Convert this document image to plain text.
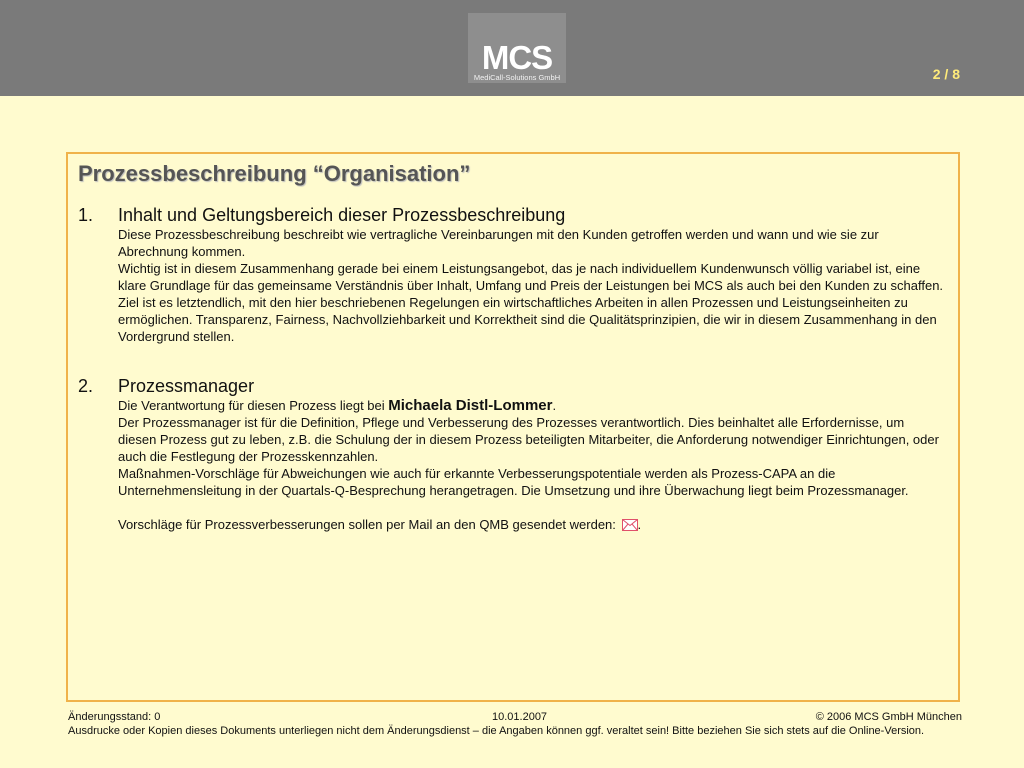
MCS
MediCall-Solutions GmbH	2 / 8
Prozessbeschreibung “Organisation”
1. Inhalt und Geltungsbereich dieser Prozessbeschreibung
Diese Prozessbeschreibung beschreibt wie vertragliche Vereinbarungen mit den Kunden getroffen werden und wann und wie sie zur Abrechnung kommen.
Wichtig ist in diesem Zusammenhang gerade bei einem Leistungsangebot, das je nach individuellem Kundenwunsch völlig variabel ist, eine klare Grundlage für das gemeinsame Verständnis über Inhalt, Umfang und Preis der Leistungen bei MCS als auch bei den Kunden zu schaffen.
Ziel ist es letztendlich, mit den hier beschriebenen Regelungen ein wirtschaftliches Arbeiten in allen Prozessen und Leistungseinheiten zu ermöglichen. Transparenz, Fairness, Nachvollziehbarkeit und Korrektheit sind die Qualitätsprinzipien, die wir in diesem Zusammenhang in den Vordergrund stellen.
2. Prozessmanager
Die Verantwortung für diesen Prozess liegt bei Michaela Distl-Lommer.
Der Prozessmanager ist für die Definition, Pflege und Verbesserung des Prozesses verantwortlich. Dies beinhaltet alle Erfordernisse, um diesen Prozess gut zu leben, z.B. die Schulung der in diesem Prozess beteiligten Mitarbeiter, die Anforderung notwendiger Einrichtungen, oder auch die Festlegung der Prozesskennzahlen.
Maßnahmen-Vorschläge für Abweichungen wie auch für erkannte Verbesserungspotentiale werden als Prozess-CAPA an die Unternehmensleitung in der Quartals-Q-Besprechung herangetragen. Die Umsetzung und ihre Überwachung liegt beim Prozessmanager.
Vorschläge für Prozessverbesserungen sollen per Mail an den QMB gesendet werden: .
Änderungsstand: 0	10.01.2007	© 2006 MCS GmbH München
Ausdrucke oder Kopien dieses Dokuments unterliegen nicht dem Änderungsdienst – die Angaben können ggf. veraltet sein! Bitte beziehen Sie sich stets auf die Online-Version.
